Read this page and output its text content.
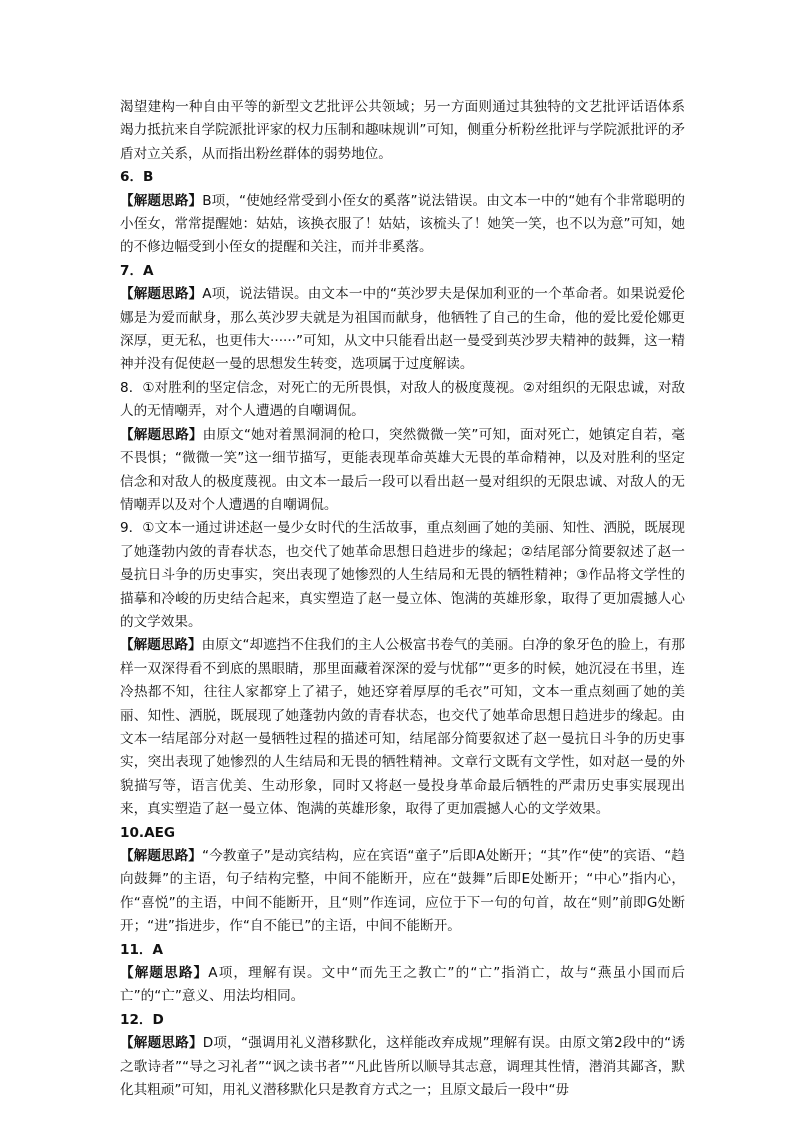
渴望建构一种自由平等的新型文艺批评公共领域；另一方面则通过其独特的文艺批评话语体系竭力抵抗来自学院派批评家的权力压制和趣味规训”可知，侧重分析粉丝批评与学院派批评的矛盾对立关系，从而指出粉丝群体的弱势地位。
6．B
【解题思路】B项，“使她经常受到小侄女的奚落”说法错误。由文本一中的“她有个非常聪明的小侄女，常常提醒她：姑姑，该换衣服了！姑姑，该梳头了！她笑一笑，也不以为意”可知，她的不修边幅受到小侄女的提醒和关注，而并非奚落。
7．A
【解题思路】A项，说法错误。由文本一中的“英沙罗夫是保加利亚的一个革命者。如果说爱伦娜是为爱而献身，那么英沙罗夫就是为祖国而献身，他牺牲了自己的生命，他的爱比爱伦娜更深厚，更无私，也更伟大······”可知，从文中只能看出赵一曼受到英沙罗夫精神的鼓舞，这一精神并没有促使赵一曼的思想发生转变，选项属于过度解读。
8．①对胜利的坚定信念，对死亡的无所畏惧，对敌人的极度蔑视。②对组织的无限忠诚，对敌人的无情嘲弄，对个人遭遇的自嘲调侃。
【解题思路】由原文“她对着黑洞洞的枪口，突然微微一笑”可知，面对死亡，她镇定自若，毫不畏惧；“微微一笑”这一细节描写，更能表现革命英雄大无畏的革命精神，以及对胜利的坚定信念和对敌人的极度蔑视。由文本一最后一段可以看出赵一曼对组织的无限忠诚、对敌人的无情嘲弄以及对个人遭遇的自嘲调侃。
9．①文本一通过讲述赵一曼少女时代的生活故事，重点刻画了她的美丽、知性、洒脱，既展现了她蓬勃内敛的青春状态，也交代了她革命思想日趋进步的缘起；②结尾部分简要叙述了赵一曼抗日斗争的历史事实，突出表现了她惨烈的人生结局和无畏的牺牲精神；③作品将文学性的描摹和冷峻的历史结合起来，真实塑造了赵一曼立体、饱满的英雄形象，取得了更加震撼人心的文学效果。
【解题思路】由原文“却遮挡不住我们的主人公极富书卷气的美丽。白净的象牙色的脸上，有那样一双深得看不到底的黑眼睛，那里面藏着深深的爱与忧郁”“更多的时候，她沉浸在书里，连冷热都不知，往往人家都穿上了裙子，她还穿着厚厚的毛衣”可知，文本一重点刻画了她的美丽、知性、洒脱，既展现了她蓬勃内敛的青春状态，也交代了她革命思想日趋进步的缘起。由文本一结尾部分对赵一曼牺牲过程的描述可知，结尾部分简要叙述了赵一曼抗日斗争的历史事实，突出表现了她惨烈的人生结局和无畏的牺牲精神。文章行文既有文学性，如对赵一曼的外貌描写等，语言优美、生动形象，同时又将赵一曼投身革命最后牺牲的严肃历史事实展现出来，真实塑造了赵一曼立体、饱满的英雄形象，取得了更加震撼人心的文学效果。
10.AEG
【解题思路】“今教童子”是动宾结构，应在宾语“童子”后即A处断开；“其”作“使”的宾语、“趋向鼓舞”的主语，句子结构完整，中间不能断开，应在“鼓舞”后即E处断开；“中心”指内心，作“喜悦”的主语，中间不能断开，且“则”作连词，应位于下一句的句首，故在“则”前即G处断开；“进”指进步，作“自不能已”的主语，中间不能断开。
11．A
【解题思路】A项，理解有误。文中“而先王之教亡”的“亡”指消亡，故与“燕虽小国而后亡”的“亡”意义、用法均相同。
12．D
【解题思路】D项，“强调用礼义潜移默化，这样能改弃成规”理解有误。由原文第2段中的“诱之歌诗者”“导之习礼者”“讽之读书者”“凡此皆所以顺导其志意，调理其性情，潜消其鄙吝，默化其粗顽”可知，用礼义潜移默化只是教育方式之一；且原文最后一段中“毋
